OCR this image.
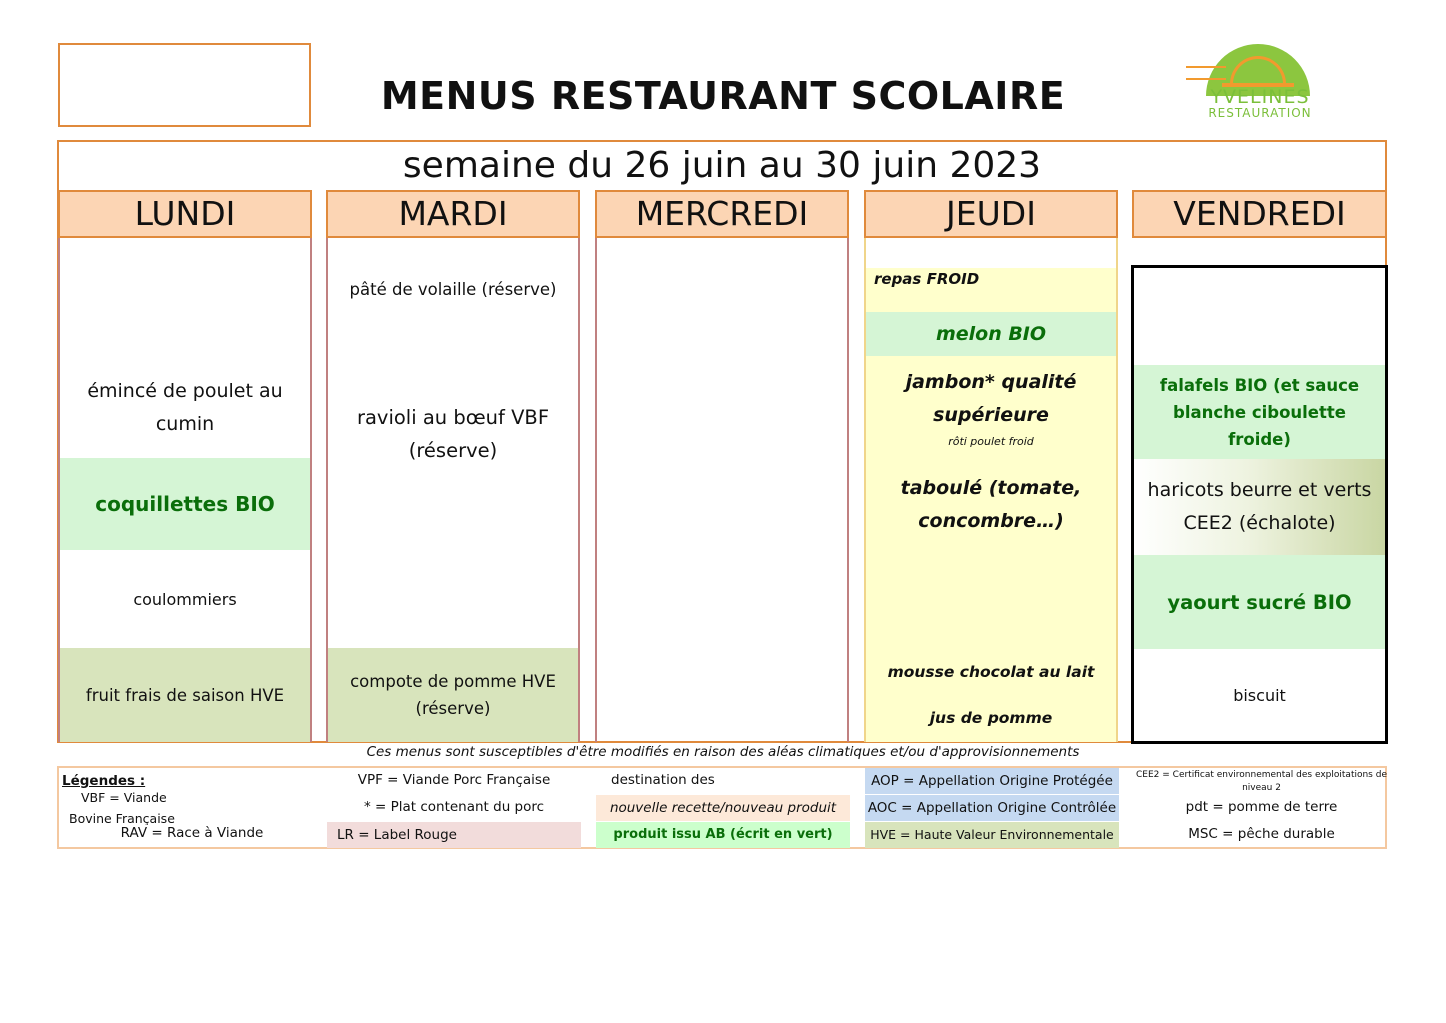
MENUS RESTAURANT SCOLAIRE	YVELINES
RESTAURATION
semaine du 26 juin au 30 juin 2023
LUNDI	MARDI	MERCREDI	JEUDI	VENDREDI
émincé de poulet au cumin
coquillettes BIO
coulommiers
fruit frais de saison HVE
pâté de volaille (réserve)
ravioli au bœuf VBF (réserve)
compote de pomme HVE (réserve)
repas FROID
melon BIO
jambon* qualité supérieure
rôti poulet froid
taboulé (tomate, concombre…)
mousse chocolat au lait
jus de pomme
falafels BIO (et sauce blanche ciboulette froide)
haricots beurre et verts CEE2 (échalote)
yaourt sucré BIO
biscuit
Ces menus sont susceptibles d'être modifiés en raison des aléas climatiques et/ou d'approvisionnements
Légendes :
VBF = Viande
Bovine Française
RAV = Race à Viande
VPF = Viande Porc Française
* = Plat contenant du porc
LR = Label Rouge
destination des
nouvelle recette/nouveau produit
produit issu AB (écrit en vert)
AOP = Appellation Origine Protégée
AOC = Appellation Origine Contrôlée
HVE = Haute Valeur Environnementale
CEE2 = Certificat environnemental des exploitations de niveau 2
pdt = pomme de terre
MSC = pêche durable
